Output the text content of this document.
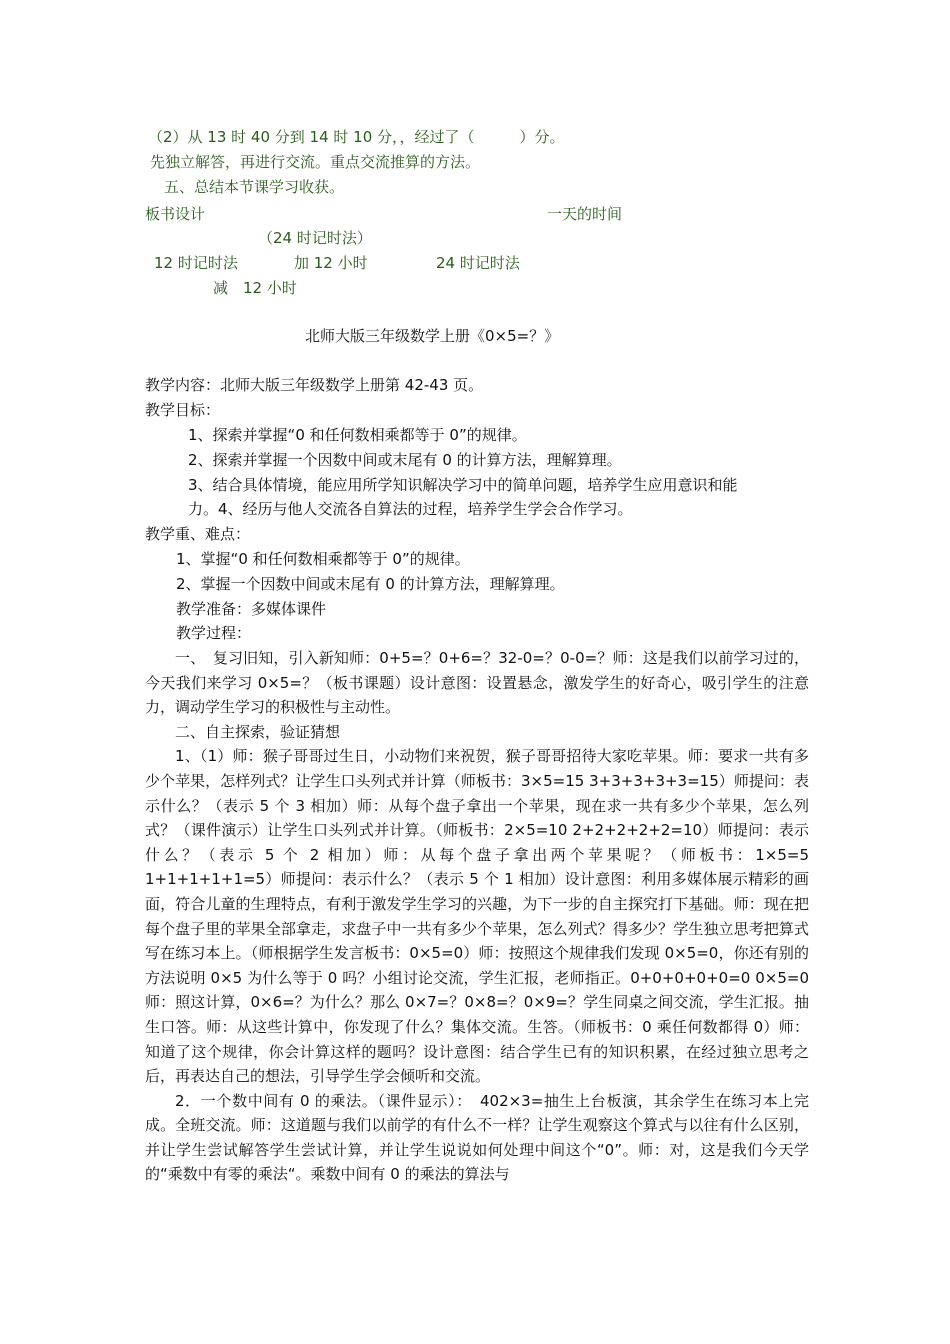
（2）从 13 时 40 分到 14 时 10 分，，经过了（　　　）分。

先独立解答，再进行交流。重点交流推算的方法。

五、总结本节课学习收获。

板书设计	一天的时间

（24 时记时法）

12 时记时法	加 12 小时	24 时记时法

减　12 小时

北师大版三年级数学上册《0×5=？》

教学内容：北师大版三年级数学上册第 42-43 页。

教学目标：

1、探索并掌握“0 和任何数相乘都等于 0”的规律。

2、探索并掌握一个因数中间或末尾有 0 的计算方法，理解算理。

3、结合具体情境，能应用所学知识解决学习中的简单问题，培养学生应用意识和能

力。4、经历与他人交流各自算法的过程，培养学生学会合作学习。

教学重、难点：

1、掌握“0 和任何数相乘都等于 0”的规律。

2、掌握一个因数中间或末尾有 0 的计算方法，理解算理。

教学准备：多媒体课件

教学过程：

一、　复习旧知，引入新知师：0+5=？0+6=？32-0=？0-0=？师：这是我们以前学习过的，今天我们来学习 0×5=？（板书课题）设计意图：设置悬念，激发学生的好奇心，吸引学生的注意力，调动学生学习的积极性与主动性。

二、自主探索，验证猜想

1、（1）师：猴子哥哥过生日，小动物们来祝贺，猴子哥哥招待大家吃苹果。师：要求一共有多少个苹果，怎样列式？让学生口头列式并计算（师板书：3×5=15 3+3+3+3+3=15）师提问：表示什么？（表示 5 个 3 相加）师：从每个盘子拿出一个苹果，现在求一共有多少个苹果，怎么列式？（课件演示）让学生口头列式并计算。（师板书：2×5=10 2+2+2+2+2=10）师提问：表示什么？（表示 5 个 2 相加）师：从每个盘子拿出两个苹果呢？（师板书：1×5=5 1+1+1+1+1=5）师提问：表示什么？（表示 5 个 1 相加）设计意图：利用多媒体展示精彩的画面，符合儿童的生理特点，有利于激发学生学习的兴趣，为下一步的自主探究打下基础。师：现在把每个盘子里的苹果全部拿走，求盘子中一共有多少个苹果，怎么列式？得多少？学生独立思考把算式写在练习本上。（师根据学生发言板书：0×5=0）师：按照这个规律我们发现 0×5=0，你还有别的方法说明 0×5 为什么等于 0 吗？小组讨论交流，学生汇报，老师指正。0+0+0+0+0=0 0×5=0 师：照这计算，0×6=？为什么？那么 0×7=？0×8=？0×9=？学生同桌之间交流，学生汇报。抽生口答。师：从这些计算中，你发现了什么？集体交流。生答。（师板书：0 乘任何数都得 0）师：知道了这个规律，你会计算这样的题吗？设计意图：结合学生已有的知识积累，在经过独立思考之后，再表达自己的想法，引导学生学会倾听和交流。

2．一个数中间有 0 的乘法。（课件显示）：　402×3=抽生上台板演，其余学生在练习本上完成。全班交流。师：这道题与我们以前学的有什么不一样？让学生观察这个算式与以往有什么区别，并让学生尝试解答学生尝试计算，并让学生说说如何处理中间这个“0”。师：对，这是我们今天学的“乘数中有零的乘法“。乘数中间有 0 的乘法的算法与
